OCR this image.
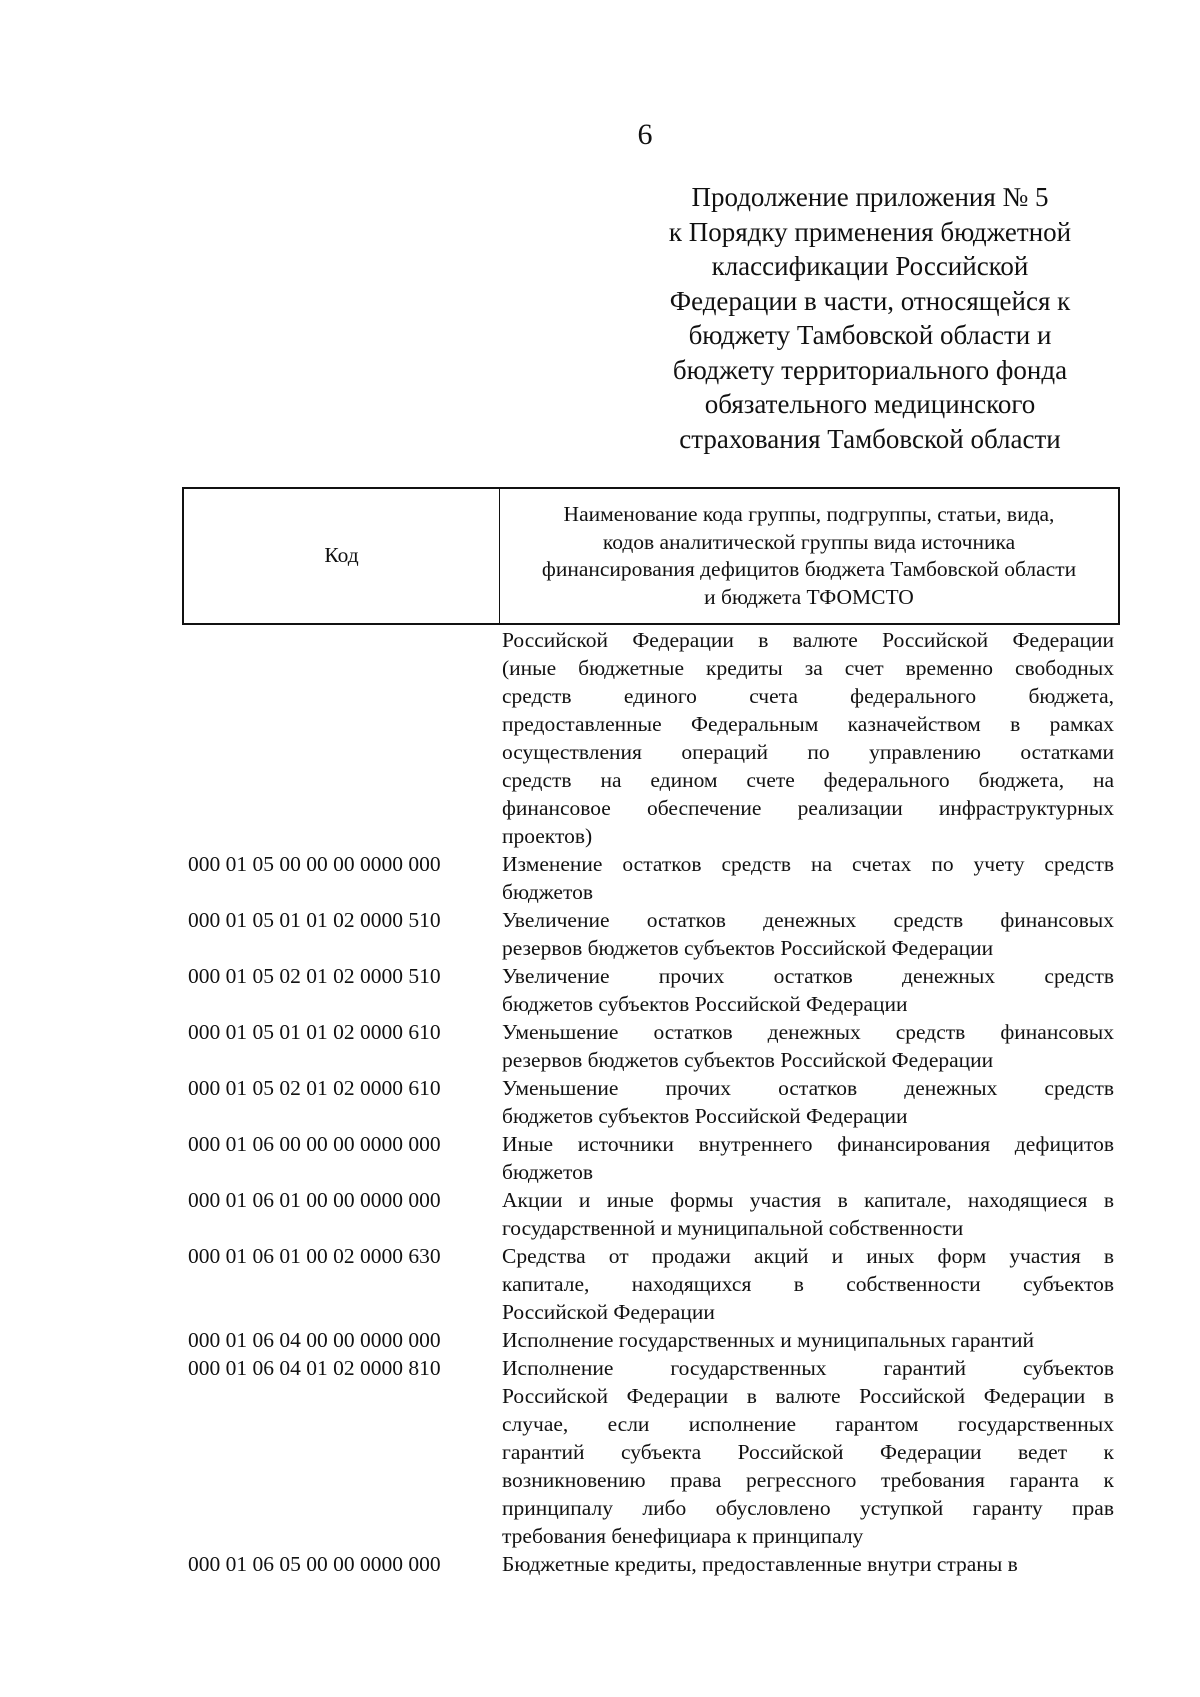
6
Продолжение приложения № 5
к Порядку применения бюджетной
классификации Российской
Федерации в части, относящейся к
бюджету Тамбовской области и
бюджету территориального фонда
обязательного медицинского
страхования Тамбовской области
Код
Наименование кода группы, подгруппы, статьи, вида,
кодов аналитической группы вида источника
финансирования дефицитов бюджета Тамбовской области
и бюджета ТФОМСТО
Российской Федерации в валюте Российской Федерации
(иные бюджетные кредиты за счет временно свободных
средств единого счета федерального бюджета,
предоставленные Федеральным казначейством в рамках
осуществления операций по управлению остатками
средств на едином счете федерального бюджета, на
финансовое обеспечение реализации инфраструктурных
проектов)
000 01 05 00 00 00 0000 000	Изменение остатков средств на счетах по учету средств
бюджетов
000 01 05 01 01 02 0000 510	Увеличение остатков денежных средств финансовых
резервов бюджетов субъектов Российской Федерации
000 01 05 02 01 02 0000 510	Увеличение прочих остатков денежных средств
бюджетов субъектов Российской Федерации
000 01 05 01 01 02 0000 610	Уменьшение остатков денежных средств финансовых
резервов бюджетов субъектов Российской Федерации
000 01 05 02 01 02 0000 610	Уменьшение прочих остатков денежных средств
бюджетов субъектов Российской Федерации
000 01 06 00 00 00 0000 000	Иные источники внутреннего финансирования дефицитов
бюджетов
000 01 06 01 00 00 0000 000	Акции и иные формы участия в капитале, находящиеся в
государственной и муниципальной собственности
000 01 06 01 00 02 0000 630	Средства от продажи акций и иных форм участия в
капитале, находящихся в собственности субъектов
Российской Федерации
000 01 06 04 00 00 0000 000	Исполнение государственных и муниципальных гарантий
000 01 06 04 01 02 0000 810	Исполнение государственных гарантий субъектов
Российской Федерации в валюте Российской Федерации в
случае, если исполнение гарантом государственных
гарантий субъекта Российской Федерации ведет к
возникновению права регрессного требования гаранта к
принципалу либо обусловлено уступкой гаранту прав
требования бенефициара к принципалу
000 01 06 05 00 00 0000 000	Бюджетные кредиты, предоставленные внутри страны в
